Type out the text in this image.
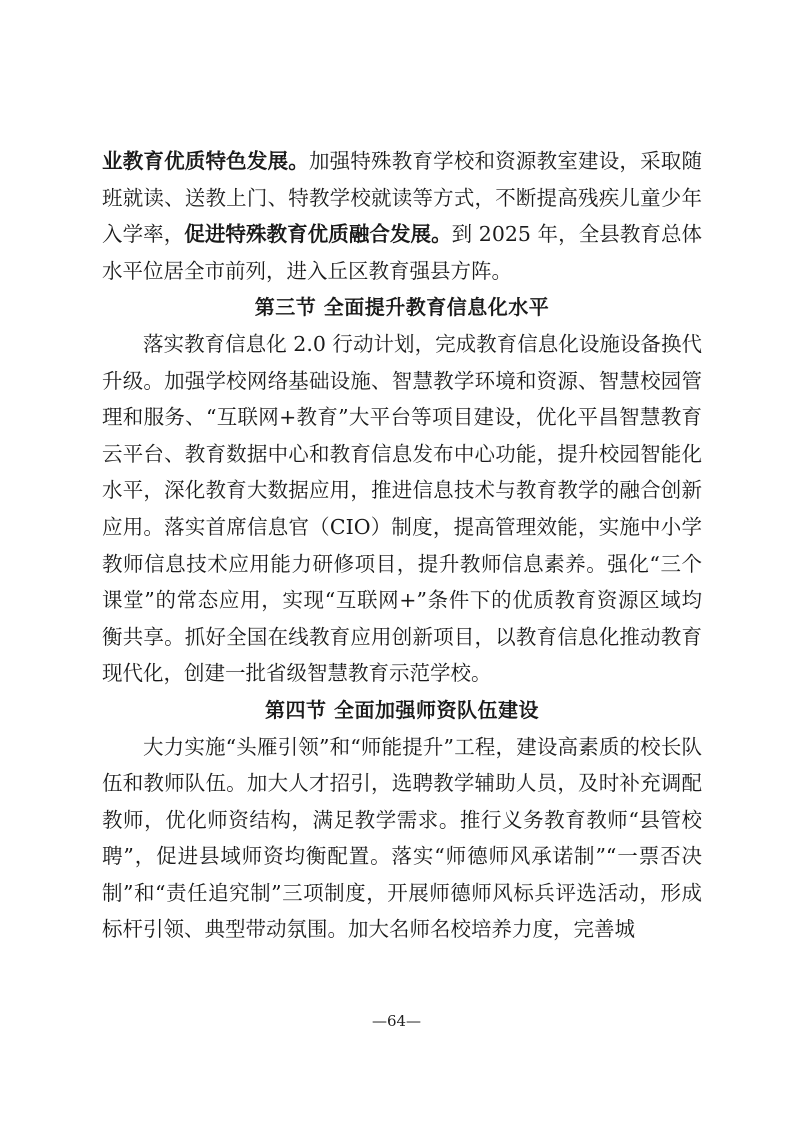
业教育优质特色发展。加强特殊教育学校和资源教室建设，采取随班就读、送教上门、特教学校就读等方式，不断提高残疾儿童少年入学率，促进特殊教育优质融合发展。到 2025 年，全县教育总体水平位居全市前列，进入丘区教育强县方阵。

第三节 全面提升教育信息化水平

落实教育信息化 2.0 行动计划，完成教育信息化设施设备换代升级。加强学校网络基础设施、智慧教学环境和资源、智慧校园管理和服务、“互联网+教育”大平台等项目建设，优化平昌智慧教育云平台、教育数据中心和教育信息发布中心功能，提升校园智能化水平，深化教育大数据应用，推进信息技术与教育教学的融合创新应用。落实首席信息官（CIO）制度，提高管理效能，实施中小学教师信息技术应用能力研修项目，提升教师信息素养。强化“三个课堂”的常态应用，实现“互联网+”条件下的优质教育资源区域均衡共享。抓好全国在线教育应用创新项目，以教育信息化推动教育现代化，创建一批省级智慧教育示范学校。

第四节 全面加强师资队伍建设

大力实施“头雁引领”和“师能提升”工程，建设高素质的校长队伍和教师队伍。加大人才招引，选聘教学辅助人员，及时补充调配教师，优化师资结构，满足教学需求。推行义务教育教师“县管校聘”，促进县域师资均衡配置。落实“师德师风承诺制”“一票否决制”和“责任追究制”三项制度，开展师德师风标兵评选活动，形成标杆引领、典型带动氛围。加大名师名校培养力度，完善城

—64—
